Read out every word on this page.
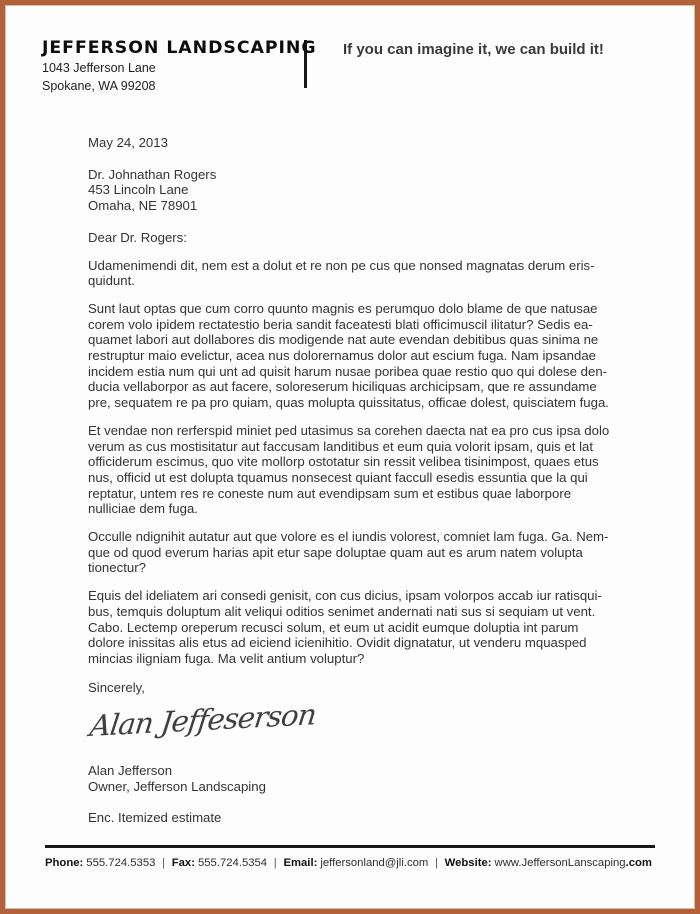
JEFFERSON LANDSCAPING
1043 Jefferson Lane
Spokane, WA 99208
If you can imagine it, we can build it!
May 24, 2013
Dr. Johnathan Rogers
453 Lincoln Lane
Omaha, NE 78901
Dear Dr. Rogers:

Udamenimendi dit, nem est a dolut et re non pe cus que nonsed magnatas derum eris-quidunt.

Sunt laut optas que cum corro quunto magnis es perumquo dolo blame de que natusae corem volo ipidem rectatestio beria sandit faceatesti blati officimuscil ilitatur? Sedis ea-quamet labori aut dollabores dis modigende nat aute evendan debitibus quas sinima ne restruptur maio evelictur, acea nus dolorernamus dolor aut escium fuga. Nam ipsandae incidem estia num qui unt ad quisit harum nusae poribea quae restio quo qui dolese den-ducia vellaborpor as aut facere, soloreserum hiciliquas archicipsam, que re assundame pre, sequatem re pa pro quiam, quas molupta quissitatus, officae dolest, quisciatem fuga.

Et vendae non rerferspid miniet ped utasimus sa corehen daecta nat ea pro cus ipsa dolo verum as cus mostisitatur aut faccusam landitibus et eum quia volorit ipsam, quis et lat officiderum escimus, quo vite mollorp ostotatur sin ressit velibea tisinimpost, quaes etus nus, officid ut est dolupta tquamus nonsecest quiant faccull esedis essuntia que la qui reptatur, untem res re coneste num aut evendipsam sum et estibus quae laborpore nulliciae dem fuga.

Occulle ndignihit autatur aut que volore es el iundis volorest, comniet lam fuga. Ga. Nem-que od quod everum harias apit etur sape doluptae quam aut es arum natem volupta tionectur?

Equis del ideliatem ari consedi genisit, con cus dicius, ipsam volorpos accab iur ratisqui-bus, temquis doluptum alit veliqui oditios senimet andernati nati sus si sequiam ut vent. Cabo. Lectemp oreperum recusci solum, et eum ut acidit eumque doluptia int parum dolore inissitas alis etus ad eiciend icienihitio. Ovidit dignatatur, ut venderu mquasped mincias iligniam fuga. Ma velit antium voluptur?

Sincerely,
Alan Jeffeserson
Alan Jefferson
Owner, Jefferson Landscaping
Enc. Itemized estimate
Phone: 555.724.5353 | Fax: 555.724.5354 | Email: jeffersonland@jli.com | Website: www.JeffersonLanscaping.com
